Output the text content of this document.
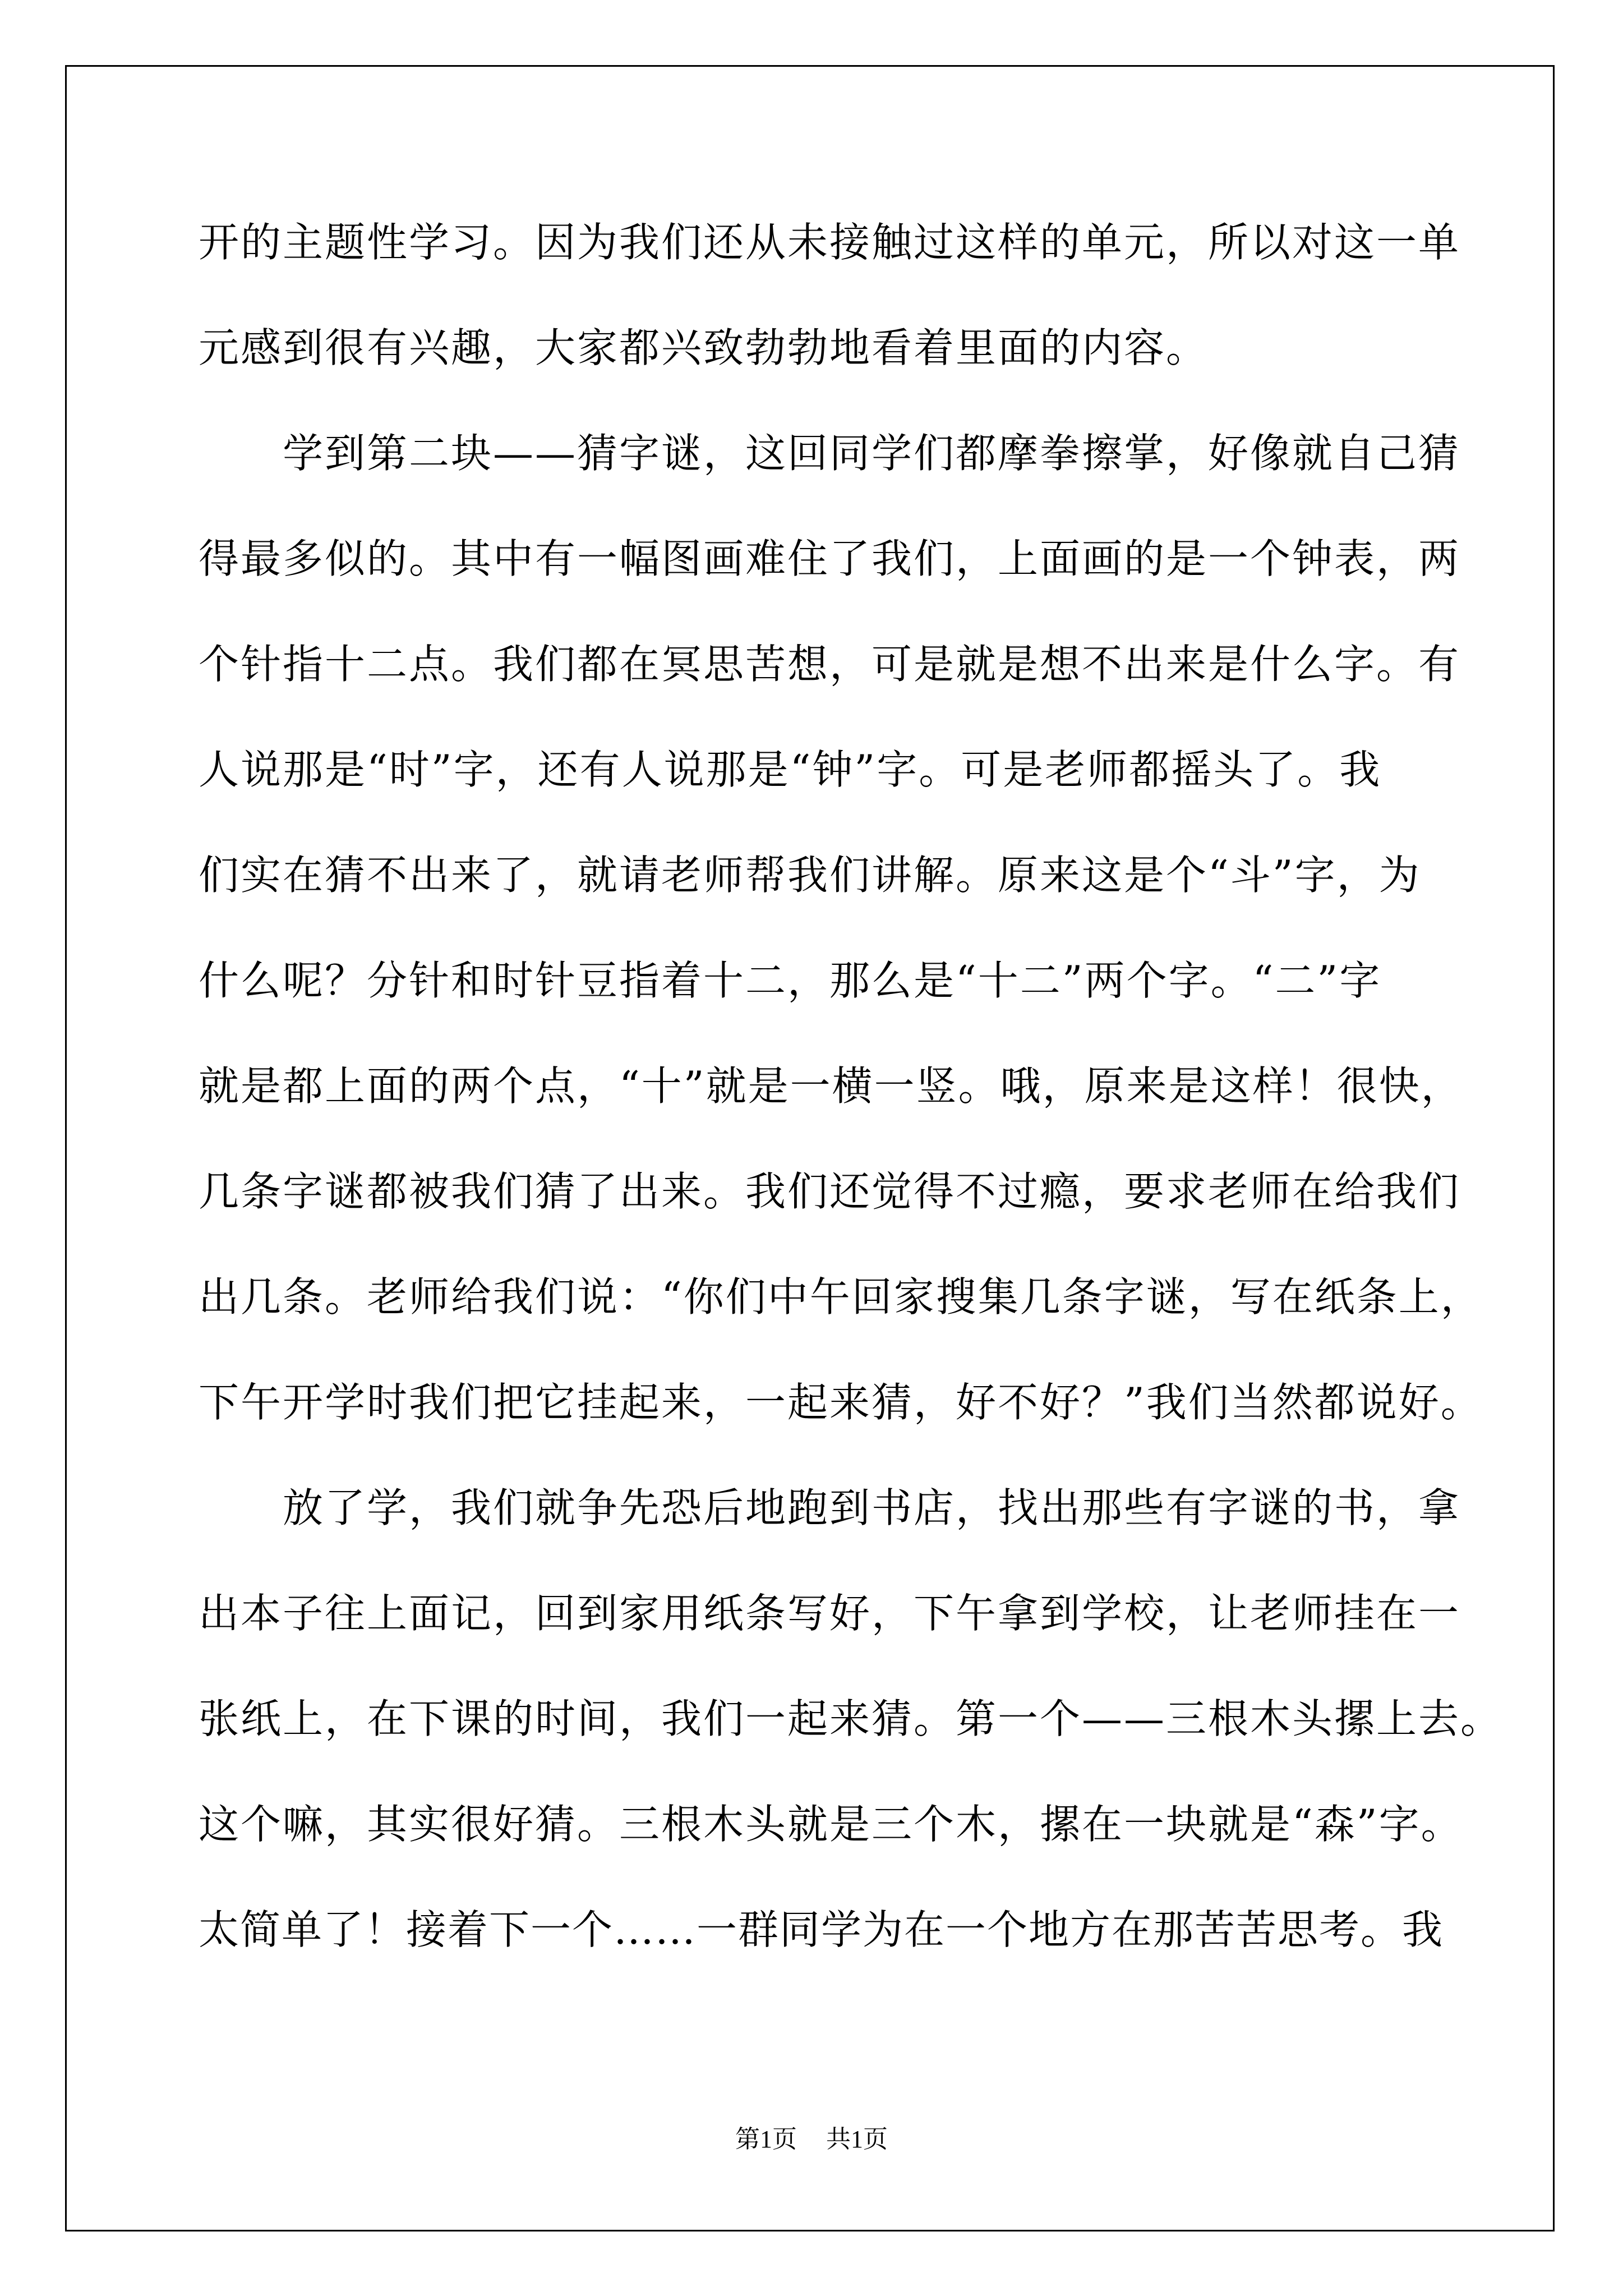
开的主题性学习。因为我们还从未接触过这样的单元，所以对这一单
元感到很有兴趣，大家都兴致勃勃地看着里面的内容。
　　学到第二块——猜字谜，这回同学们都摩拳擦掌，好像就自己猜
得最多似的。其中有一幅图画难住了我们，上面画的是一个钟表，两
个针指十二点。我们都在冥思苦想，可是就是想不出来是什么字。有
人说那是“时”字，还有人说那是“钟”字。可是老师都摇头了。我
们实在猜不出来了，就请老师帮我们讲解。原来这是个“斗”字，为
什么呢？分针和时针豆指着十二，那么是“十二”两个字。“二”字
就是都上面的两个点，“十”就是一横一竖。哦，原来是这样！很快，
几条字谜都被我们猜了出来。我们还觉得不过瘾，要求老师在给我们
出几条。老师给我们说：“你们中午回家搜集几条字谜，写在纸条上，
下午开学时我们把它挂起来，一起来猜，好不好？”我们当然都说好。
　　放了学，我们就争先恐后地跑到书店，找出那些有字谜的书，拿
出本子往上面记，回到家用纸条写好，下午拿到学校，让老师挂在一
张纸上，在下课的时间，我们一起来猜。第一个——三根木头摞上去。
这个嘛，其实很好猜。三根木头就是三个木，摞在一块就是“森”字。
太简单了！接着下一个……一群同学为在一个地方在那苦苦思考。我
第1页 共1页
